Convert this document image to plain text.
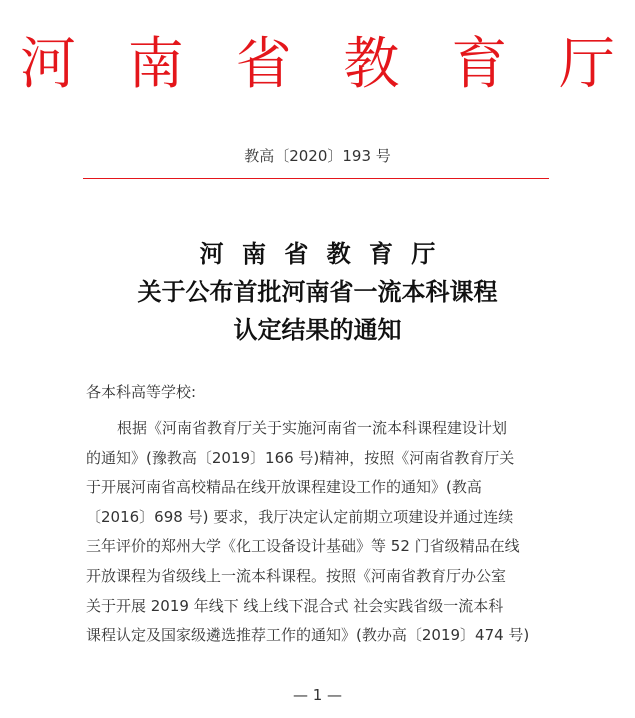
河 南 省 教 育 厅
教高〔2020〕193 号
河 南 省 教 育 厅
关于公布首批河南省一流本科课程
认定结果的通知
各本科高等学校:
根据《河南省教育厅关于实施河南省一流本科课程建设计划
的通知》(豫教高〔2019〕166 号)精神，按照《河南省教育厅关
于开展河南省高校精品在线开放课程建设工作的通知》(教高
〔2016〕698 号) 要求，我厅决定认定前期立项建设并通过连续
三年评价的郑州大学《化工设备设计基础》等 52 门省级精品在线
开放课程为省级线上一流本科课程。按照《河南省教育厅办公室
关于开展 2019 年线下 线上线下混合式 社会实践省级一流本科
课程认定及国家级遴选推荐工作的通知》(教办高〔2019〕474 号)
— 1 —
